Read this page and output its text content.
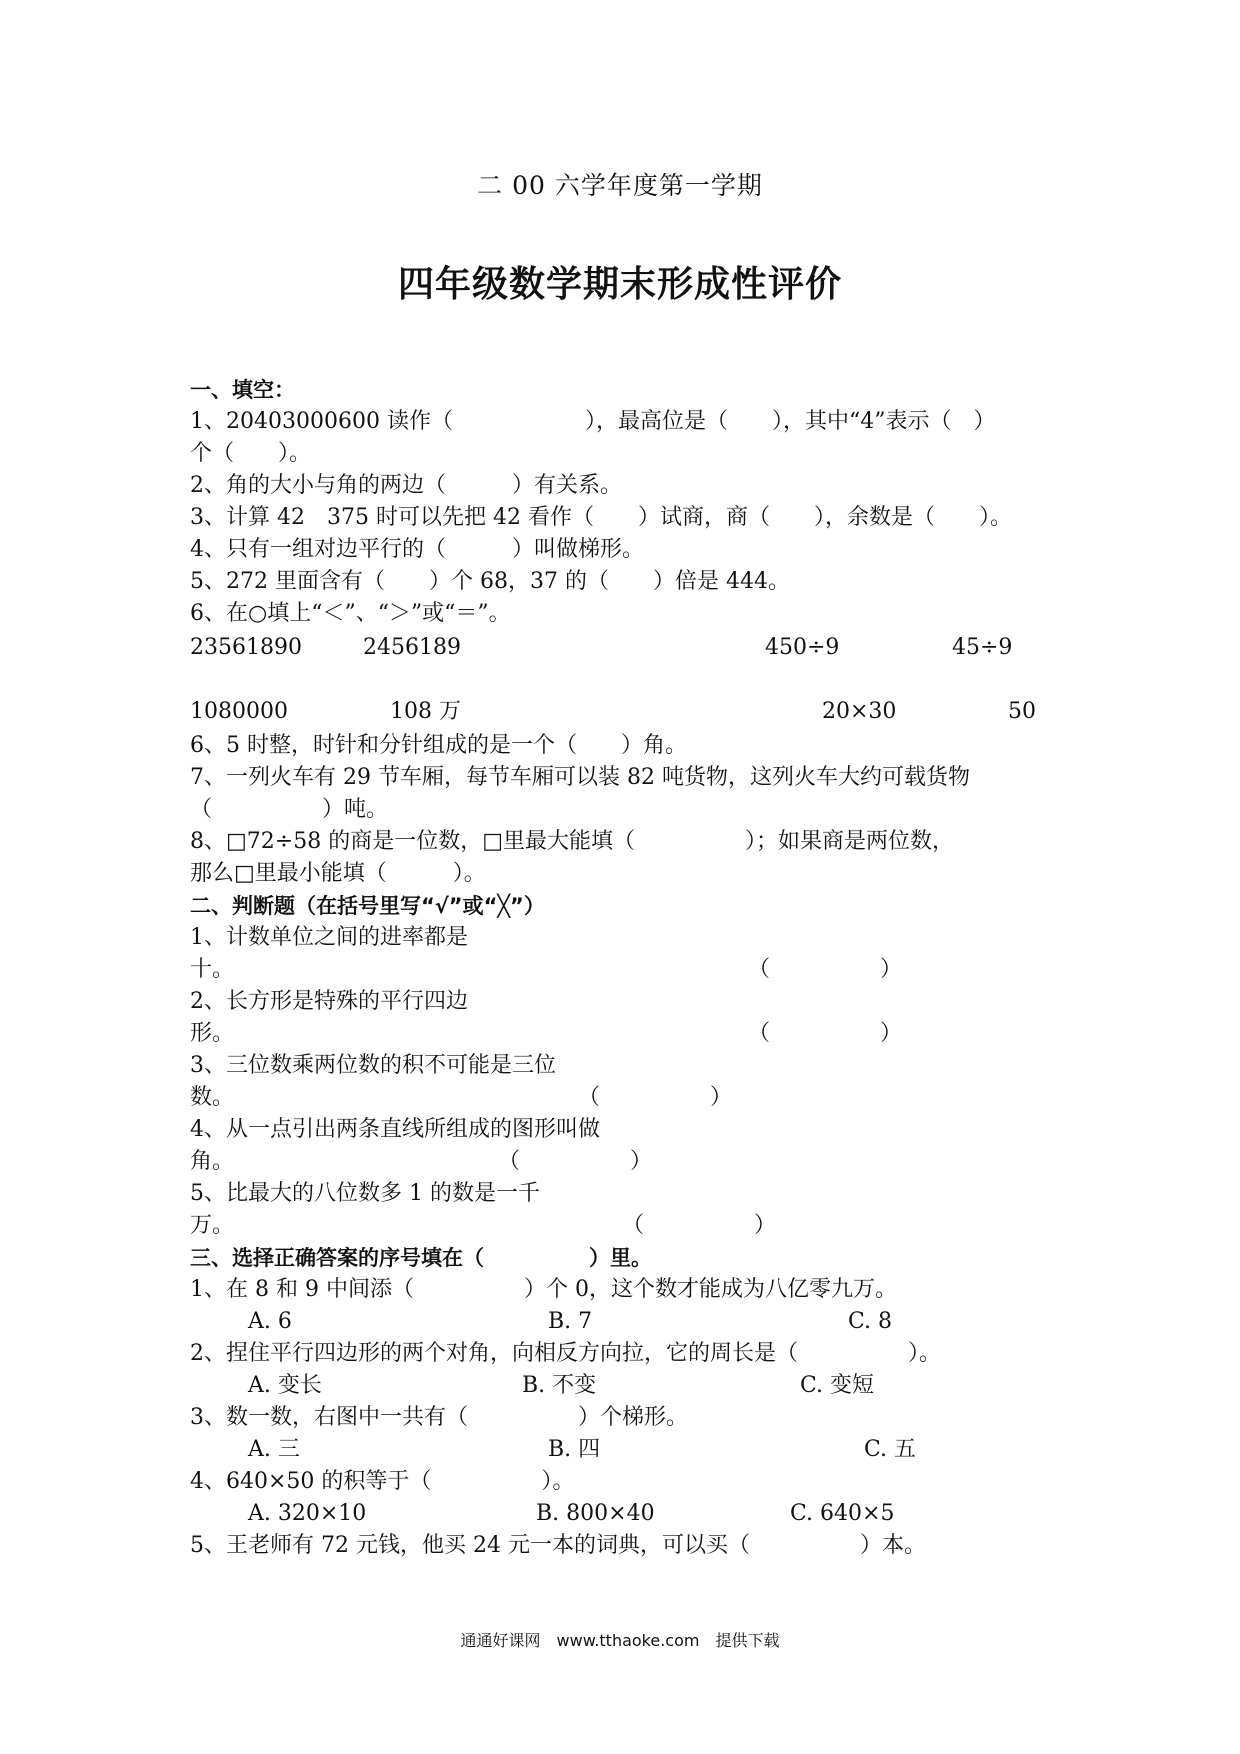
二 00 六学年度第一学期
四年级数学期末形成性评价
一、填空：
1、20403000600 读作（　　　　　　），最高位是（　　），其中“4”表示（　）
个（　　）。
2、角的大小与角的两边（　　　）有关系。
3、计算 42　375 时可以先把 42 看作（　　）试商，商（　　），余数是（　　）。
4、只有一组对边平行的（　　　）叫做梯形。
5、272 里面含有（　　）个 68，37 的（　　）倍是 444。
6、在○填上“＜”、“＞”或“＝”。
23561890	2456189	450÷9	45÷9
1080000	108 万	20×30	50
6、5 时整，时针和分针组成的是一个（　　）角。
7、一列火车有 29 节车厢，每节车厢可以装 82 吨货物，这列火车大约可载货物
（　　　　　）吨。
8、□72÷58 的商是一位数，□里最大能填（　　　　　）；如果商是两位数，
那么□里最小能填（　　　）。
二、判断题（在括号里写“√”或“╳”）
1、计数单位之间的进率都是
十。	（　　　　　）
2、长方形是特殊的平行四边
形。	（　　　　　）
3、三位数乘两位数的积不可能是三位
数。	（　　　　　）
4、从一点引出两条直线所组成的图形叫做
角。	（　　　　　）
5、比最大的八位数多 1 的数是一千
万。	（　　　　　）
三、选择正确答案的序号填在（　　　　　）里。
1、在 8 和 9 中间添（　　　　　）个 0，这个数才能成为八亿零九万。
A. 6	B. 7	C. 8
2、捏住平行四边形的两个对角，向相反方向拉，它的周长是（　　　　　）。
A. 变长	B. 不变	C. 变短
3、数一数，右图中一共有（　　　　　）个梯形。
A. 三	B. 四	C. 五
4、640×50 的积等于（　　　　　）。
A. 320×10	B. 800×40	C. 640×5
5、王老师有 72 元钱，他买 24 元一本的词典，可以买（　　　　　）本。
通通好课网　www.tthaoke.com　提供下载
